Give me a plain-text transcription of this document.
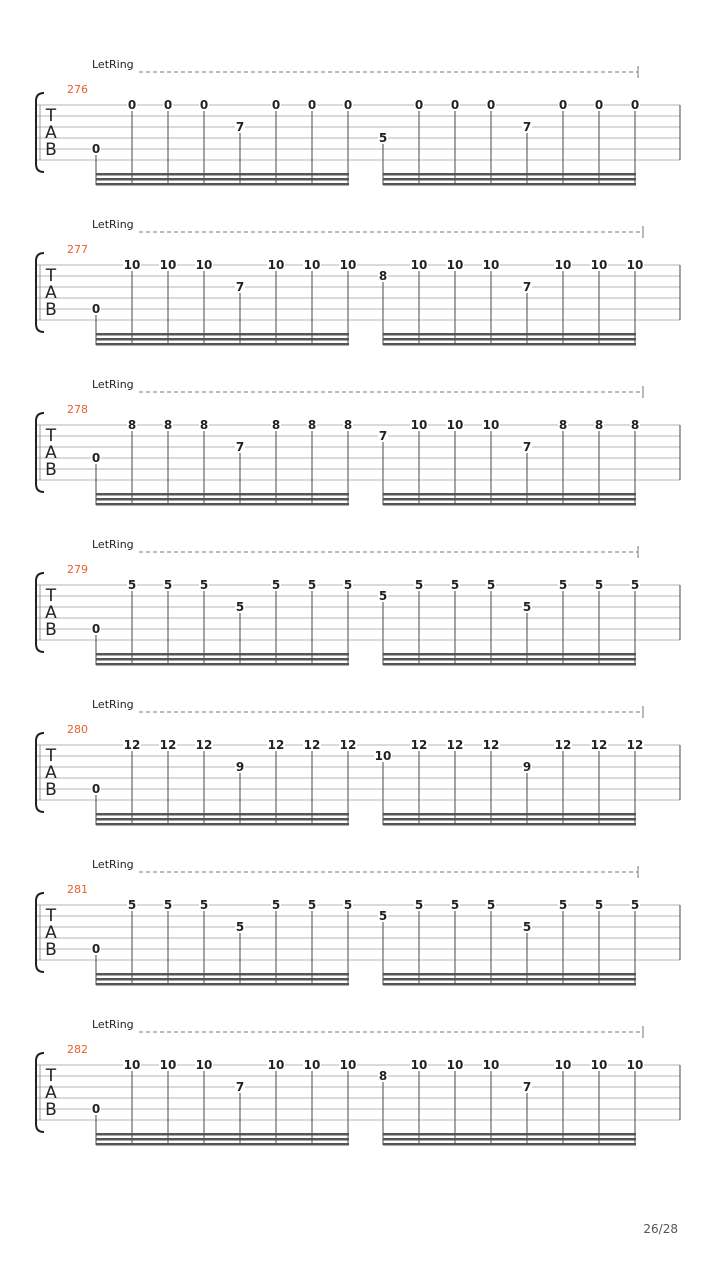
LetRing
276
T
A
B	0
0 0 0
7
0 0 0
5
0 0 0
7
0 0 0
LetRing
277
T
A
B	0
10 10 10
7
10 10 10
8
10 10 10
7
10 10 10
LetRing
278
T
A
B
0
8 8 8
7
8 8 8
7
10 10 10
7
8 8 8
LetRing
279
T
A
B	0
5 5 5
5
5 5 5
5
5 5 5
5
5 5 5
LetRing
280
T
A
B	0
12 12 12
9
12 12 12
10
12 12 12
9
12 12 12
LetRing
281
T
A
B	0
5 5 5
5
5 5 5
5
5 5 5
5
5 5 5
LetRing
282
T
A
B	0
10 10 10
7
10 10 10
8
10 10 10
7
10 10 10
26/28
